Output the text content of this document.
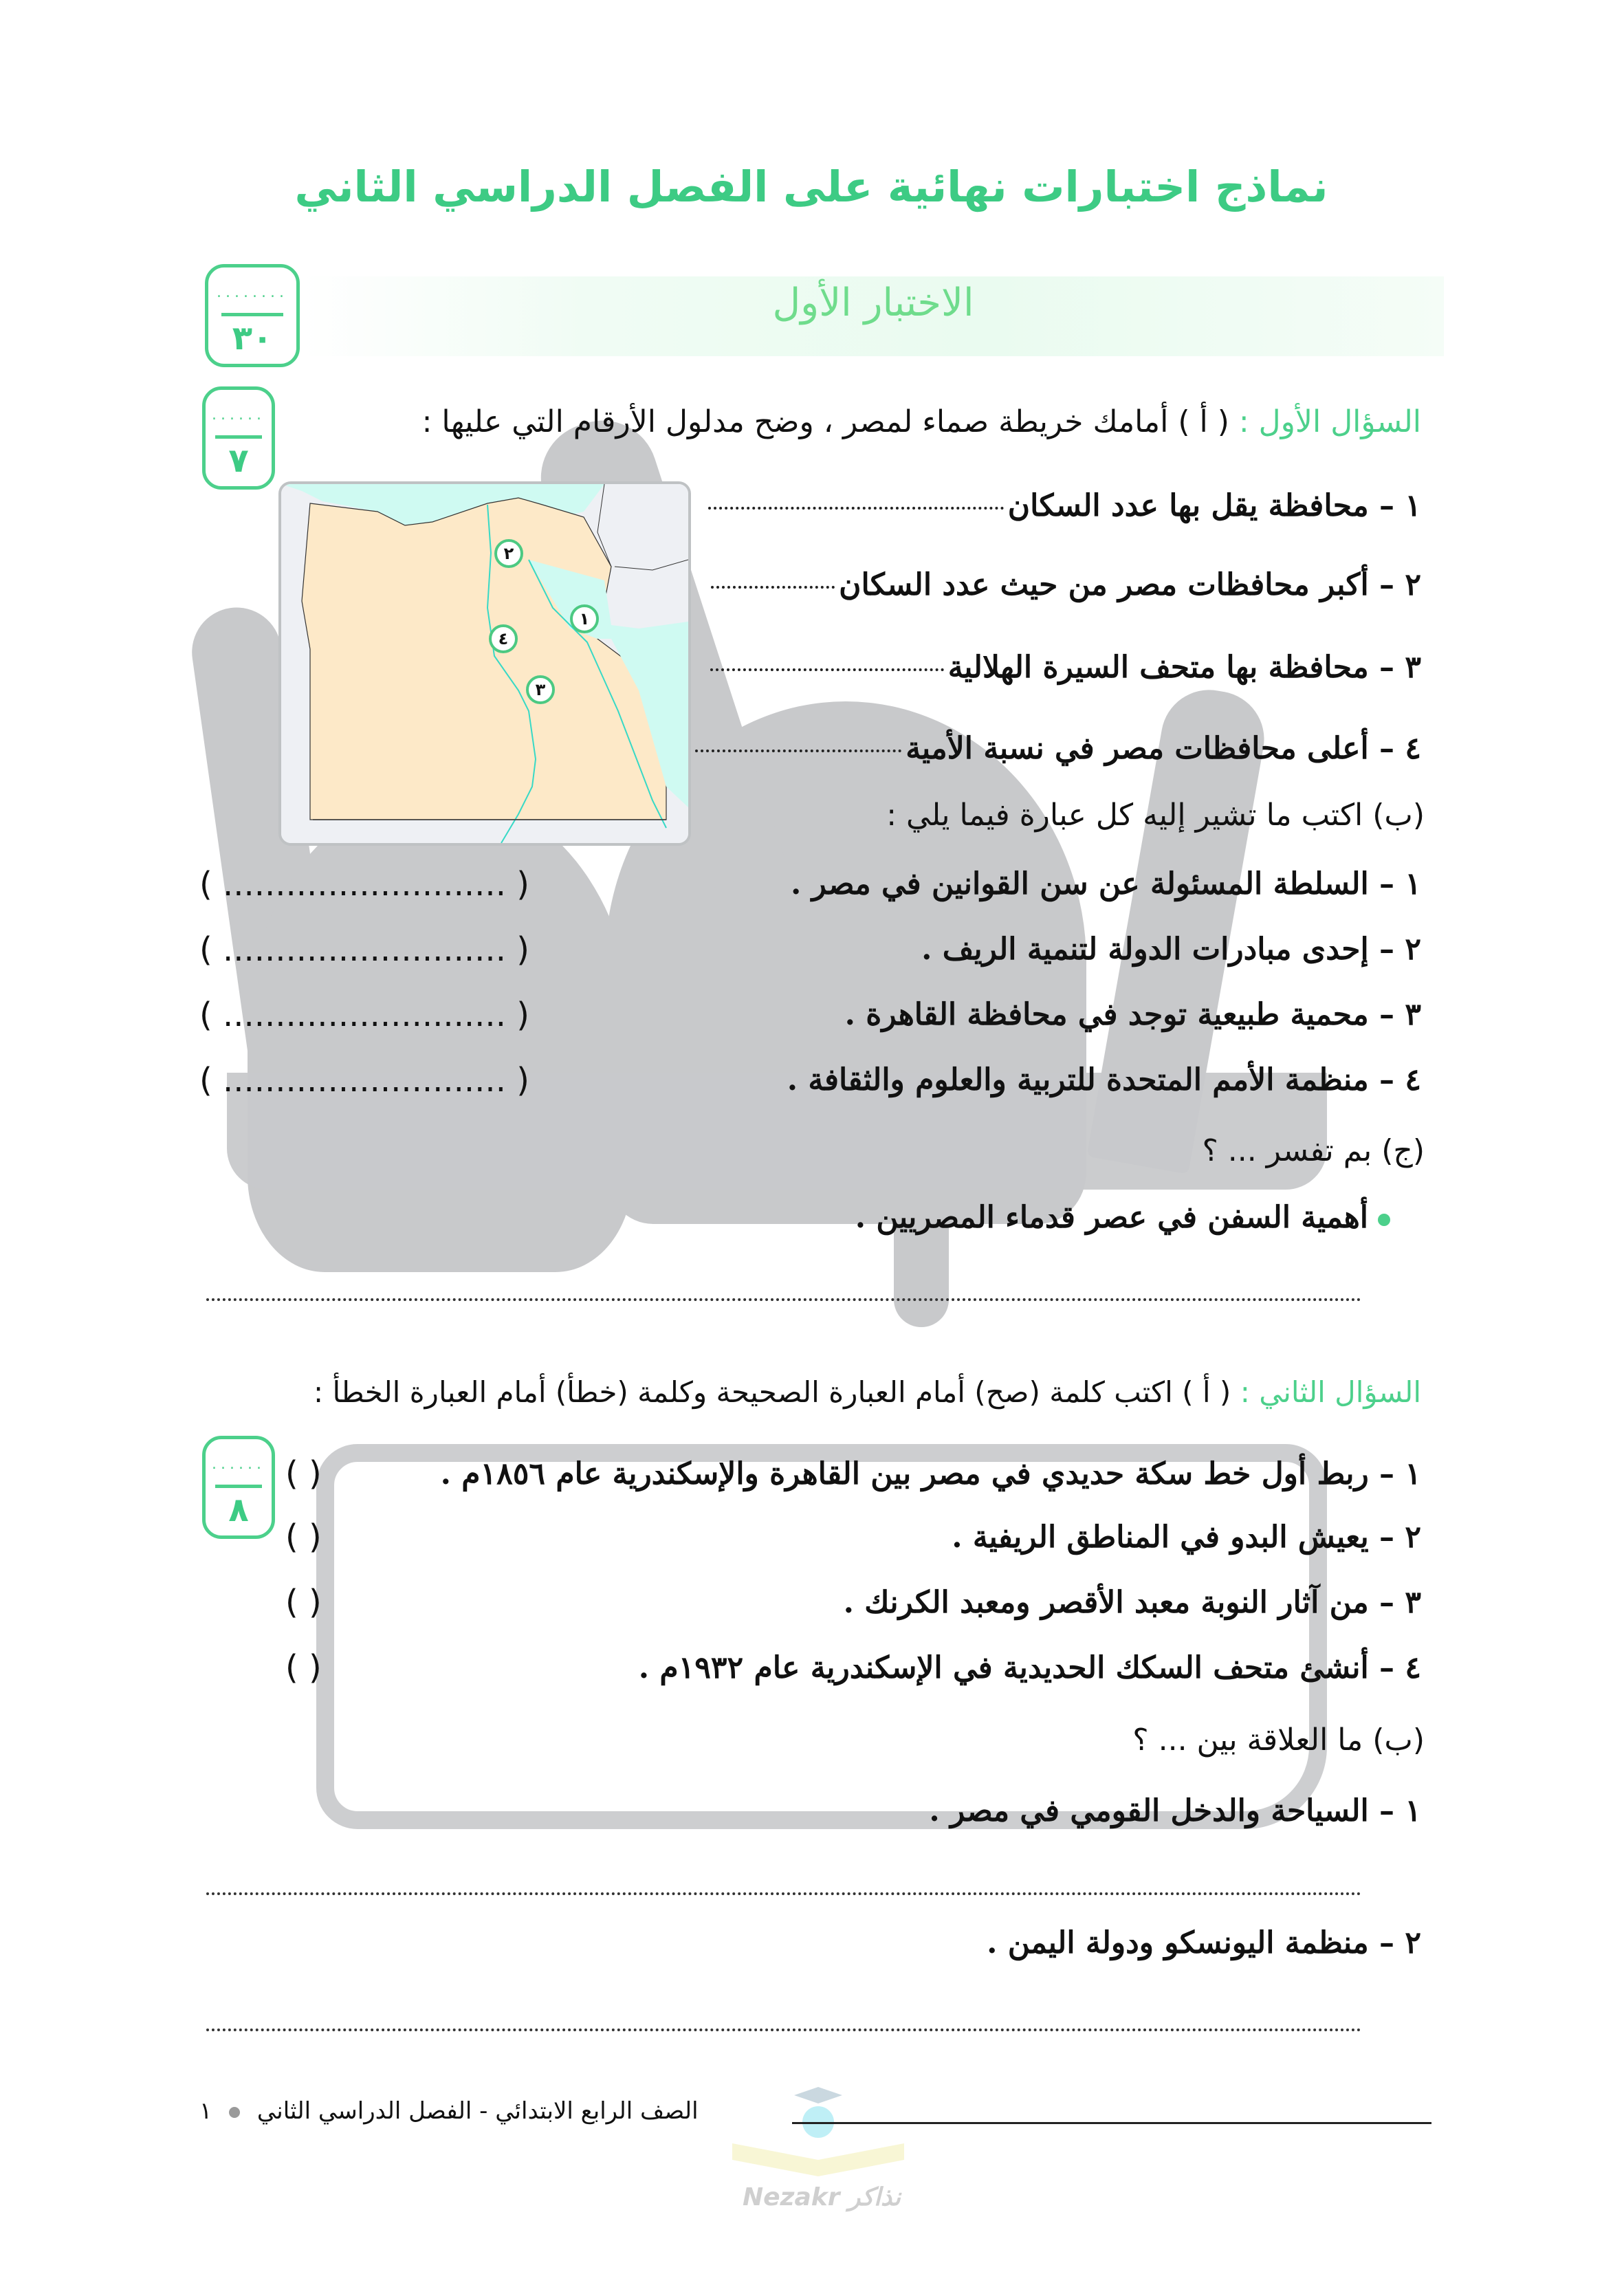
نماذج اختبارات نهائية على الفصل الدراسي الثاني
الاختبار الأول
........
٣٠
......
٧
السؤال الأول : ( أ ) أمامك خريطة صماء لمصر ، وضح مدلول الأرقام التي عليها :
١ – محافظة يقل بها عدد السكان
٢ – أكبر محافظات مصر من حيث عدد السكان
٣ – محافظة بها متحف السيرة الهلالية
٤ – أعلى محافظات مصر في نسبة الأمية
٢
١
٤
٣
(ب) اكتب ما تشير إليه كل عبارة فيما يلي :
١ – السلطة المسئولة عن سن القوانين في مصر .
٢ – إحدى مبادرات الدولة لتنمية الريف .
٣ – محمية طبيعية توجد في محافظة القاهرة .
٤ – منظمة الأمم المتحدة للتربية والعلوم والثقافة .
( ........................... )
( ........................... )
( ........................... )
( ........................... )
(ج) بم تفسر ... ؟
أهمية السفن في عصر قدماء المصريين .
السؤال الثاني : ( أ ) اكتب كلمة (صح) أمام العبارة الصحيحة وكلمة (خطأ) أمام العبارة الخطأ :
......
٨
١ – ربط أول خط سكة حديدي في مصر بين القاهرة والإسكندرية عام ١٨٥٦م .
٢ – يعيش البدو في المناطق الريفية .
٣ – من آثار النوبة معبد الأقصر ومعبد الكرنك .
٤ – أنشئ متحف السكك الحديدية في الإسكندرية عام ١٩٣٢م .
( )
( )
( )
( )
(ب) ما العلاقة بين ... ؟
١ – السياحة والدخل القومي في مصر .
٢ – منظمة اليونسكو ودولة اليمن .
الصف الرابع الابتدائي - الفصل الدراسي الثاني  ١
Nezakr نذاكر
